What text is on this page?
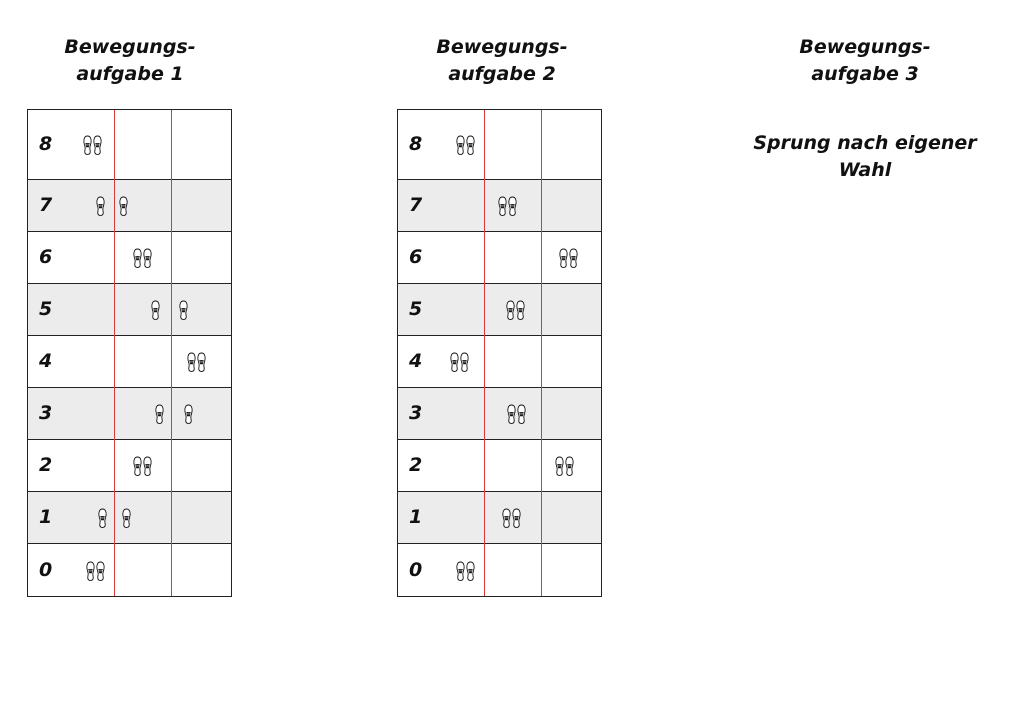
Bewegungs-
aufgabe 1
Bewegungs-
aufgabe 2
Bewegungs-
aufgabe 3
Sprung nach eigener
Wahl
8
7
6
5
4
3
2
1
0
8
7
6
5
4
3
2
1
0
